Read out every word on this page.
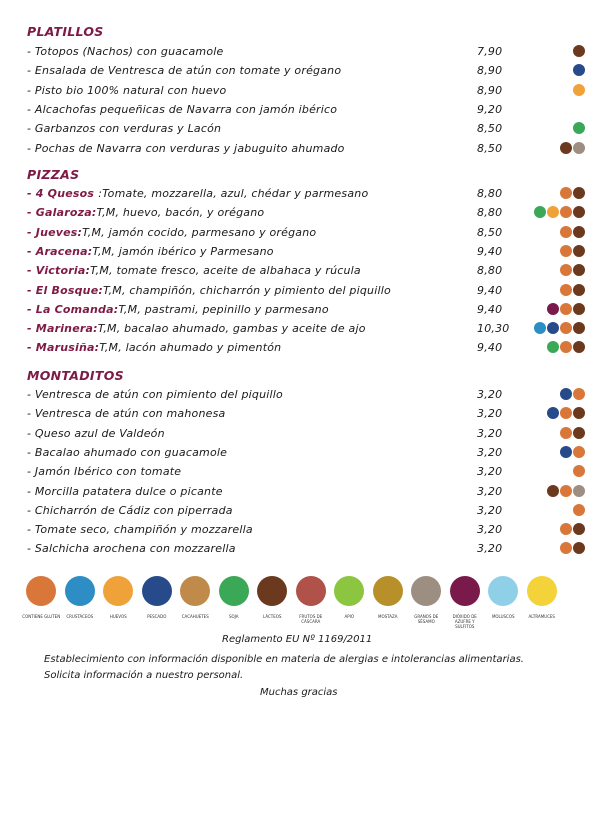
PLATILLOS
- Totopos (Nachos) con guacamole	7,90
- Ensalada de Ventresca de atún con tomate y orégano	8,90
- Pisto bio 100% natural con huevo	8,90
- Alcachofas pequeñicas de Navarra con jamón ibérico	9,20
- Garbanzos con verduras y Lacón	8,50
- Pochas de Navarra con verduras y jabuguito ahumado	8,50
PIZZAS
- 4 Quesos :Tomate, mozzarella, azul, chédar y parmesano	8,80
- Galaroza:T,M, huevo, bacón, y orégano	8,80
- Jueves:T,M, jamón cocido, parmesano y orégano	8,50
- Aracena:T,M, jamón ibérico y Parmesano	9,40
- Victoria:T,M, tomate fresco, aceite de albahaca y rúcula	8,80
- El Bosque:T,M, champiñón, chicharrón y pimiento del piquillo	9,40
- La Comanda:T,M, pastrami, pepinillo y parmesano	9,40
- Marinera:T,M, bacalao ahumado, gambas y aceite de ajo	10,30
- Marusiña:T,M, lacón ahumado y pimentón	9,40
MONTADITOS
- Ventresca de atún con pimiento del piquillo	3,20
- Ventresca de atún con mahonesa	3,20
- Queso azul de Valdeón	3,20
- Bacalao ahumado con guacamole	3,20
- Jamón Ibérico con tomate	3,20
- Morcilla patatera dulce o picante	3,20
- Chicharrón de Cádiz con piperrada	3,20
- Tomate seco, champiñón y mozzarella	3,20
- Salchicha arochena con mozzarella	3,20
CONTIENE GLUTEN CRUSTÁCEOS	HUEVOS	PESCADO	CACAHUETES	SOJA	LÁCTEOS	FRUTOS DE CÁSCARA
APIO	MOSTAZA	GRANOS DE SÉSAMO
DIÓXIDO DE AZUFRE Y SULFITOS
MOLUSCOS	ALTRAMUCES
Reglamento EU Nº 1169/2011
Establecimiento con información disponible en materia de alergias e intolerancias alimentarias.
Solicita información a nuestro personal.
Muchas gracias
